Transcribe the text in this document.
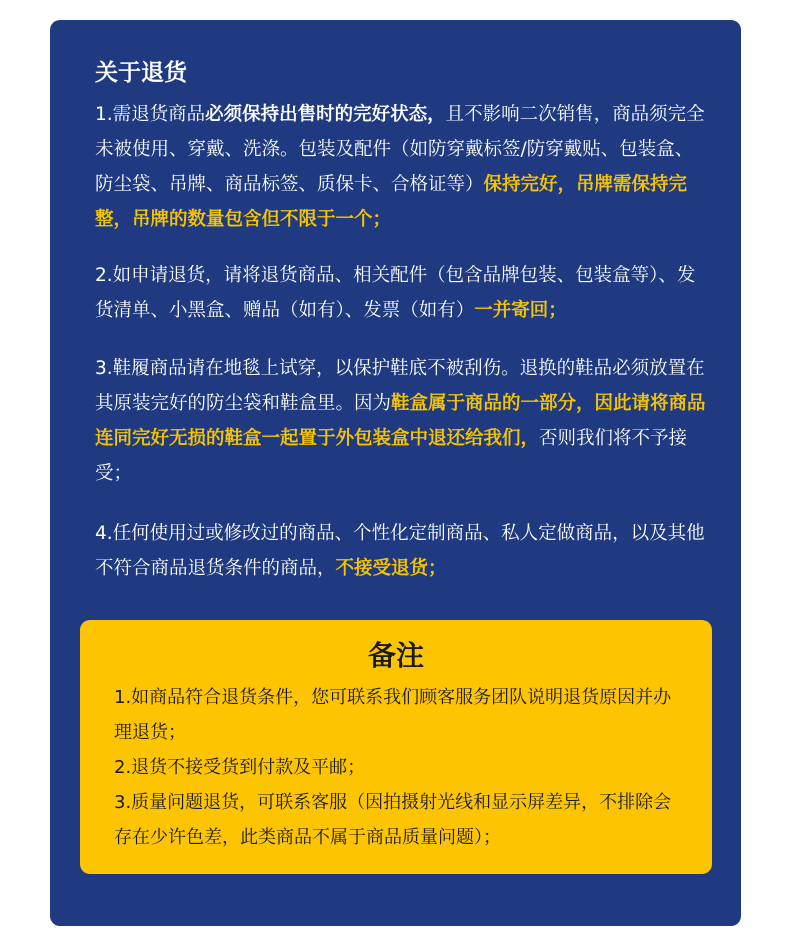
关于退货

1.需退货商品必须保持出售时的完好状态，且不影响二次销售，商品须完全未被使用、穿戴、洗涤。包装及配件（如防穿戴标签/防穿戴贴、包装盒、防尘袋、吊牌、商品标签、质保卡、合格证等）保持完好，吊牌需保持完整，吊牌的数量包含但不限于一个；

2.如申请退货，请将退货商品、相关配件（包含品牌包装、包装盒等）、发货清单、小黑盒、赠品（如有）、发票（如有）一并寄回；

3.鞋履商品请在地毯上试穿，以保护鞋底不被刮伤。退换的鞋品必须放置在其原装完好的防尘袋和鞋盒里。因为鞋盒属于商品的一部分，因此请将商品连同完好无损的鞋盒一起置于外包装盒中退还给我们，否则我们将不予接受；

4.任何使用过或修改过的商品、个性化定制商品、私人定做商品，以及其他不符合商品退货条件的商品，不接受退货；

备注

1.如商品符合退货条件，您可联系我们顾客服务团队说明退货原因并办理退货；

2.退货不接受货到付款及平邮；

3.质量问题退货，可联系客服（因拍摄射光线和显示屏差异，不排除会存在少许色差，此类商品不属于商品质量问题）；
